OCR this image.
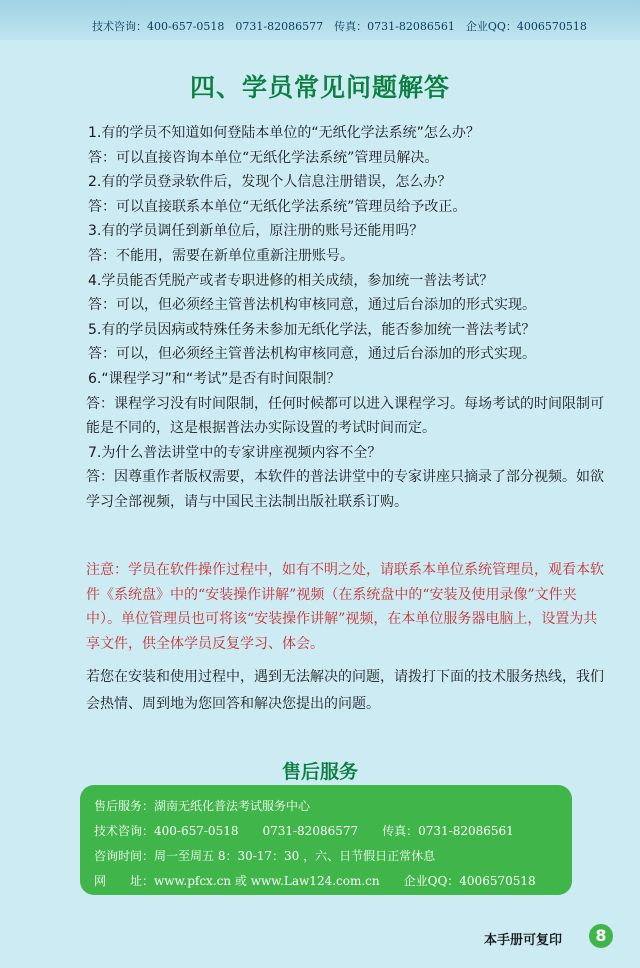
技术咨询：400-657-0518　0731-82086577　传真：0731-82086561　企业QQ：4006570518
四、学员常见问题解答
1.有的学员不知道如何登陆本单位的“无纸化学法系统”怎么办？
答：可以直接咨询本单位“无纸化学法系统”管理员解决。
2.有的学员登录软件后，发现个人信息注册错误，怎么办？
答：可以直接联系本单位“无纸化学法系统”管理员给予改正。
3.有的学员调任到新单位后，原注册的账号还能用吗？
答：不能用，需要在新单位重新注册账号。
4.学员能否凭脱产或者专职进修的相关成绩，参加统一普法考试？
答：可以，但必须经主管普法机构审核同意，通过后台添加的形式实现。
5.有的学员因病或特殊任务未参加无纸化学法，能否参加统一普法考试？
答：可以，但必须经主管普法机构审核同意，通过后台添加的形式实现。
6.“课程学习”和“考试”是否有时间限制？
答：课程学习没有时间限制，任何时候都可以进入课程学习。每场考试的时间限制可能是不同的，这是根据普法办实际设置的考试时间而定。
7.为什么普法讲堂中的专家讲座视频内容不全？
答：因尊重作者版权需要，本软件的普法讲堂中的专家讲座只摘录了部分视频。如欲学习全部视频，请与中国民主法制出版社联系订购。
注意：学员在软件操作过程中，如有不明之处，请联系本单位系统管理员，观看本软件《系统盘》中的“安装操作讲解”视频（在系统盘中的“安装及使用录像”文件夹中）。单位管理员也可将该“安装操作讲解”视频，在本单位服务器电脑上，设置为共享文件，供全体学员反复学习、体会。
若您在安装和使用过程中，遇到无法解决的问题，请拨打下面的技术服务热线，我们会热情、周到地为您回答和解决您提出的问题。
售后服务
售后服务：湖南无纸化普法考试服务中心
技术咨询：400-657-0518　　0731-82086577　　传真：0731-82086561
咨询时间：周一至周五 8：30-17：30 ，六、日节假日正常休息
网　　址：www.pfcx.cn 或 www.Law124.com.cn　　企业QQ：4006570518
本手册可复印	8
